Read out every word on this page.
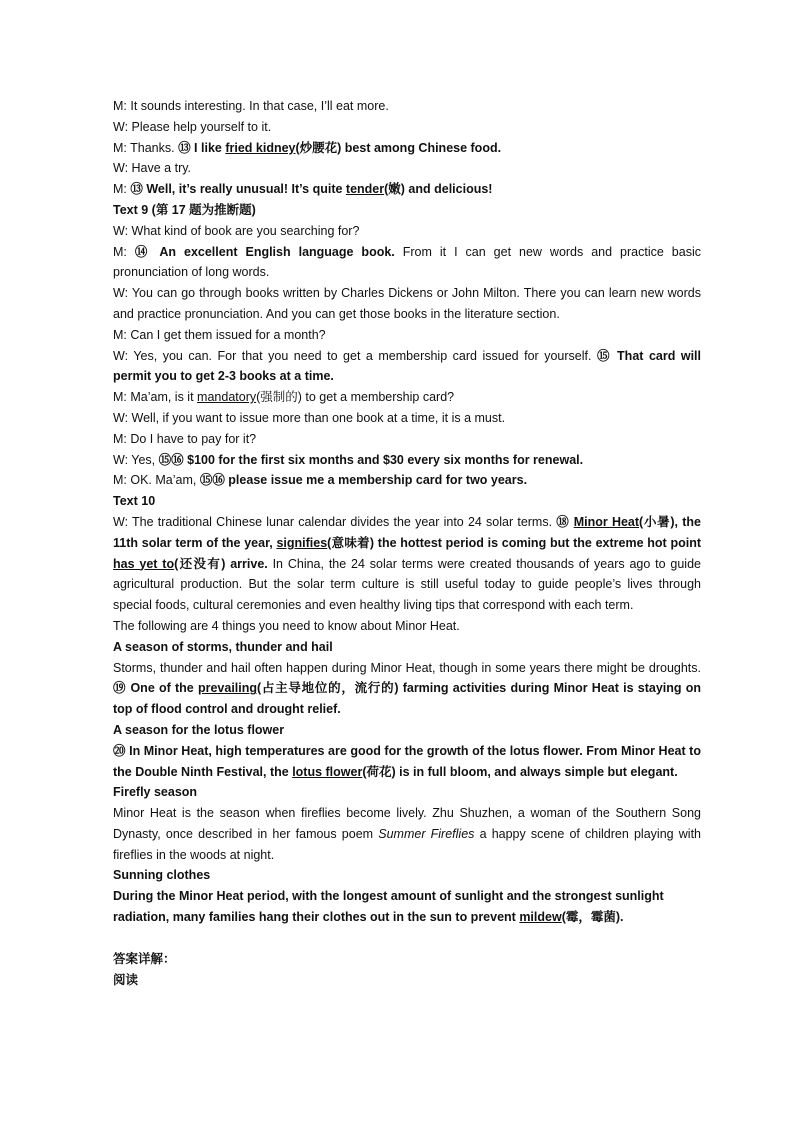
M: It sounds interesting. In that case, I’ll eat more.

W: Please help yourself to it.

M: Thanks. ⑬ I like fried kidney(炒腰花) best among Chinese food.

W: Have a try.

M: ⑬ Well, it’s really unusual! It’s quite tender(嫩) and delicious!

Text 9 (第 17 题为推断题)

W: What kind of book are you searching for?

M: ⑭ An excellent English language book. From it I can get new words and practice basic pronunciation of long words.

W: You can go through books written by Charles Dickens or John Milton. There you can learn new words and practice pronunciation. And you can get those books in the literature section.

M: Can I get them issued for a month?

W: Yes, you can. For that you need to get a membership card issued for yourself. ⑮ That card will permit you to get 2-3 books at a time.

M: Ma’am, is it mandatory(强制的) to get a membership card?

W: Well, if you want to issue more than one book at a time, it is a must.

M: Do I have to pay for it?

W: Yes, ⑮⑯ $100 for the first six months and $30 every six months for renewal.

M: OK. Ma’am, ⑮⑯ please issue me a membership card for two years.

Text 10

W: The traditional Chinese lunar calendar divides the year into 24 solar terms. ⑱ Minor Heat(小暑), the 11th solar term of the year, signifies(意味着) the hottest period is coming but the extreme hot point has yet to(还没有) arrive. In China, the 24 solar terms were created thousands of years ago to guide agricultural production. But the solar term culture is still useful today to guide people’s lives through special foods, cultural ceremonies and even healthy living tips that correspond with each term.

The following are 4 things you need to know about Minor Heat.

A season of storms, thunder and hail

Storms, thunder and hail often happen during Minor Heat, though in some years there might be droughts. ⑲ One of the prevailing(占主导地位的，流行的) farming activities during Minor Heat is staying on top of flood control and drought relief.

A season for the lotus flower

⑳ In Minor Heat, high temperatures are good for the growth of the lotus flower. From Minor Heat to the Double Ninth Festival, the lotus flower(荷花) is in full bloom, and always simple but elegant.

Firefly season

Minor Heat is the season when fireflies become lively. Zhu Shuzhen, a woman of the Southern Song Dynasty, once described in her famous poem Summer Fireflies a happy scene of children playing with fireflies in the woods at night.

Sunning clothes

During the Minor Heat period, with the longest amount of sunlight and the strongest sunlight radiation, many families hang their clothes out in the sun to prevent mildew(霉，霉菌).

答案详解：

阅读
